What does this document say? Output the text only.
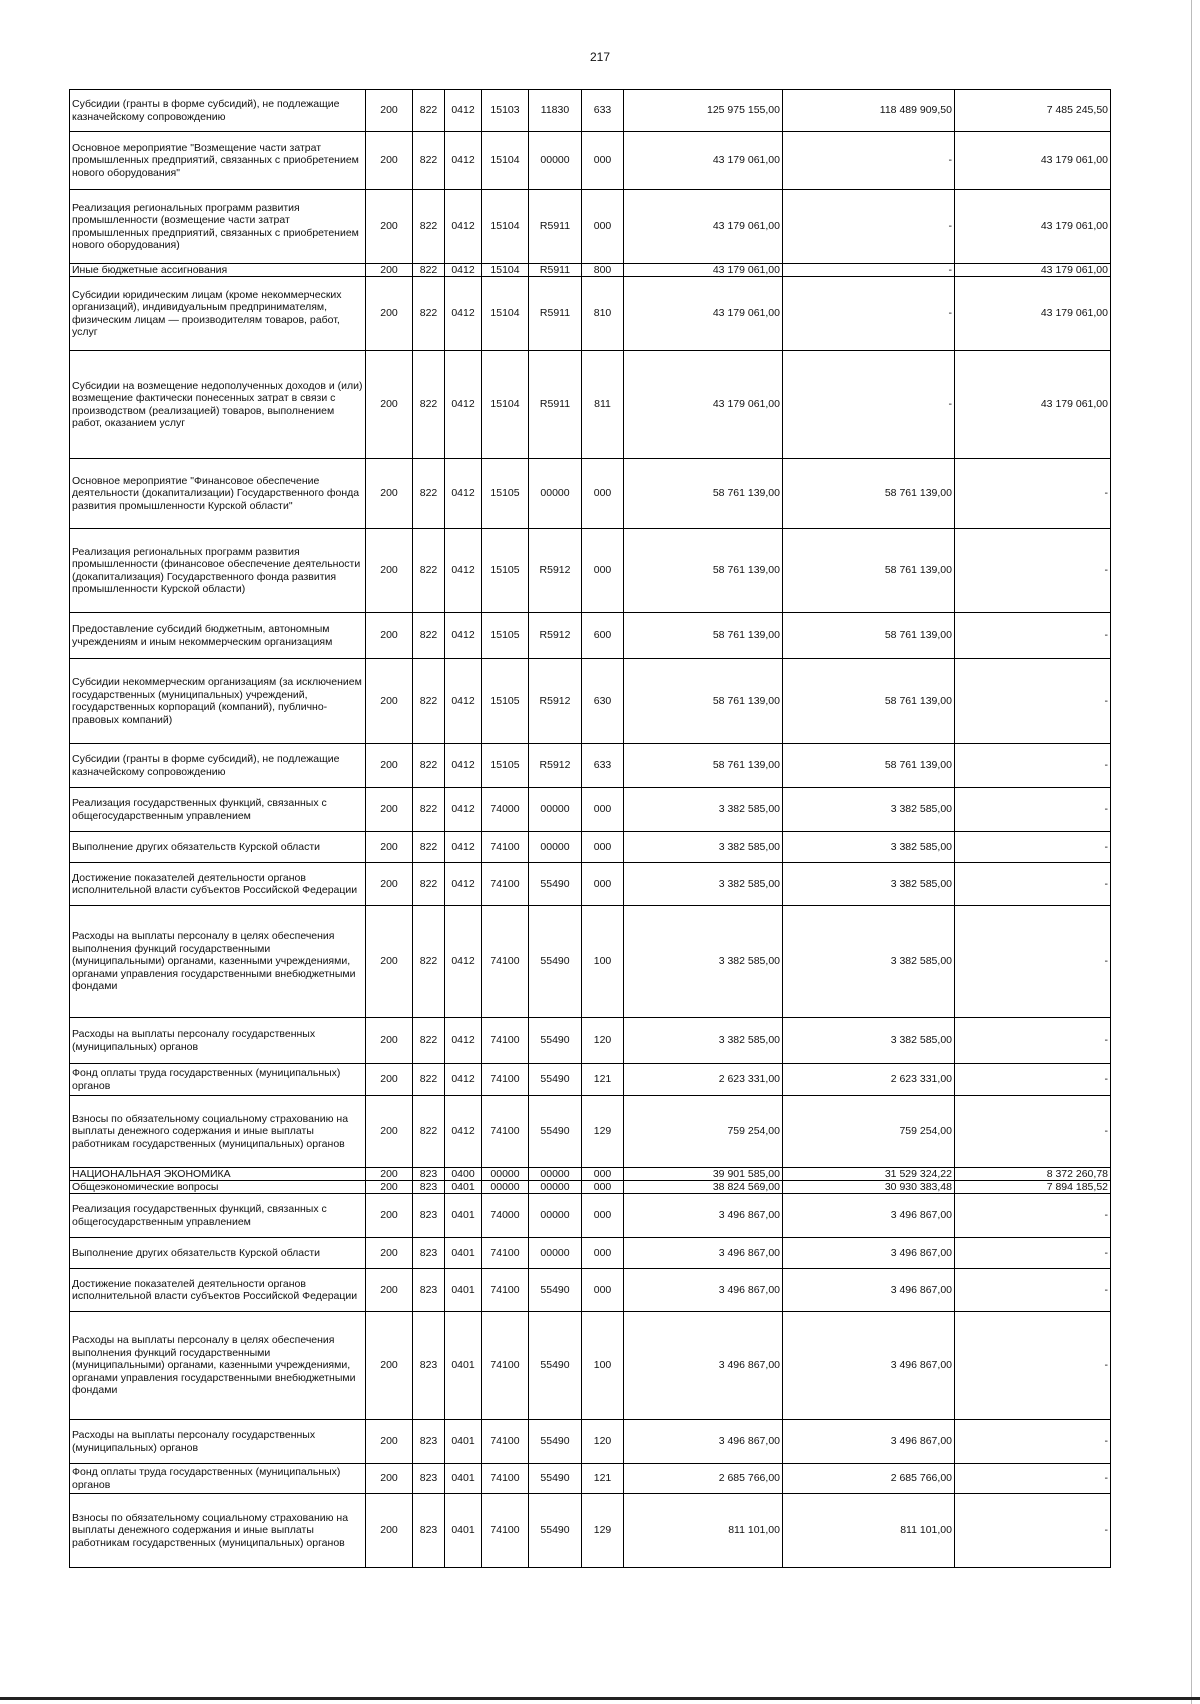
217
Субсидии (гранты в форме субсидий), не подлежащие казначейскому сопровождению	200	822	0412	15103	11830	633	125 975 155,00	118 489 909,50	7 485 245,50
Основное мероприятие "Возмещение части затрат промышленных предприятий, связанных с приобретением нового оборудования"	200	822	0412	15104	00000	000	43 179 061,00	-	43 179 061,00
Реализация региональных программ развития промышленности (возмещение части затрат промышленных предприятий, связанных с приобретением нового оборудования)	200	822	0412	15104	R5911	000	43 179 061,00	-	43 179 061,00
Иные бюджетные ассигнования	200	822	0412	15104	R5911	800	43 179 061,00	-	43 179 061,00
Субсидии юридическим лицам (кроме некоммерческих организаций), индивидуальным предпринимателям, физическим лицам — производителям товаров, работ, услуг	200	822	0412	15104	R5911	810	43 179 061,00	-	43 179 061,00
Субсидии на возмещение недополученных доходов и (или) возмещение фактически понесенных затрат в связи с производством (реализацией) товаров, выполнением работ, оказанием услуг	200	822	0412	15104	R5911	811	43 179 061,00	-	43 179 061,00
Основное мероприятие "Финансовое обеспечение деятельности (докапитализации) Государственного фонда развития промышленности Курской области"	200	822	0412	15105	00000	000	58 761 139,00	58 761 139,00	-
Реализация региональных программ развития промышленности (финансовое обеспечение деятельности (докапитализация) Государственного фонда развития промышленности Курской области)	200	822	0412	15105	R5912	000	58 761 139,00	58 761 139,00	-
Предоставление субсидий бюджетным, автономным учреждениям и иным некоммерческим организациям	200	822	0412	15105	R5912	600	58 761 139,00	58 761 139,00	-
Субсидии некоммерческим организациям (за исключением государственных (муниципальных) учреждений, государственных корпораций (компаний), публично-правовых компаний)	200	822	0412	15105	R5912	630	58 761 139,00	58 761 139,00	-
Субсидии (гранты в форме субсидий), не подлежащие казначейскому сопровождению	200	822	0412	15105	R5912	633	58 761 139,00	58 761 139,00	-
Реализация государственных функций, связанных с общегосударственным управлением	200	822	0412	74000	00000	000	3 382 585,00	3 382 585,00	-
Выполнение других обязательств Курской области	200	822	0412	74100	00000	000	3 382 585,00	3 382 585,00	-
Достижение показателей деятельности органов исполнительной власти субъектов Российской Федерации	200	822	0412	74100	55490	000	3 382 585,00	3 382 585,00	-
Расходы на выплаты персоналу в целях обеспечения выполнения функций государственными (муниципальными) органами, казенными учреждениями, органами управления государственными внебюджетными фондами	200	822	0412	74100	55490	100	3 382 585,00	3 382 585,00	-
Расходы на выплаты персоналу государственных (муниципальных) органов	200	822	0412	74100	55490	120	3 382 585,00	3 382 585,00	-
Фонд оплаты труда государственных (муниципальных) органов	200	822	0412	74100	55490	121	2 623 331,00	2 623 331,00	-
Взносы по обязательному социальному страхованию на выплаты денежного содержания и иные выплаты работникам государственных (муниципальных) органов	200	822	0412	74100	55490	129	759 254,00	759 254,00	-
НАЦИОНАЛЬНАЯ ЭКОНОМИКА	200	823	0400	00000	00000	000	39 901 585,00	31 529 324,22	8 372 260,78
Общеэкономические вопросы	200	823	0401	00000	00000	000	38 824 569,00	30 930 383,48	7 894 185,52
Реализация государственных функций, связанных с общегосударственным управлением	200	823	0401	74000	00000	000	3 496 867,00	3 496 867,00	-
Выполнение других обязательств Курской области	200	823	0401	74100	00000	000	3 496 867,00	3 496 867,00	-
Достижение показателей деятельности органов исполнительной власти субъектов Российской Федерации	200	823	0401	74100	55490	000	3 496 867,00	3 496 867,00	-
Расходы на выплаты персоналу в целях обеспечения выполнения функций государственными (муниципальными) органами, казенными учреждениями, органами управления государственными внебюджетными фондами	200	823	0401	74100	55490	100	3 496 867,00	3 496 867,00	-
Расходы на выплаты персоналу государственных (муниципальных) органов	200	823	0401	74100	55490	120	3 496 867,00	3 496 867,00	-
Фонд оплаты труда государственных (муниципальных) органов	200	823	0401	74100	55490	121	2 685 766,00	2 685 766,00	-
Взносы по обязательному социальному страхованию на выплаты денежного содержания и иные выплаты работникам государственных (муниципальных) органов	200	823	0401	74100	55490	129	811 101,00	811 101,00	-
